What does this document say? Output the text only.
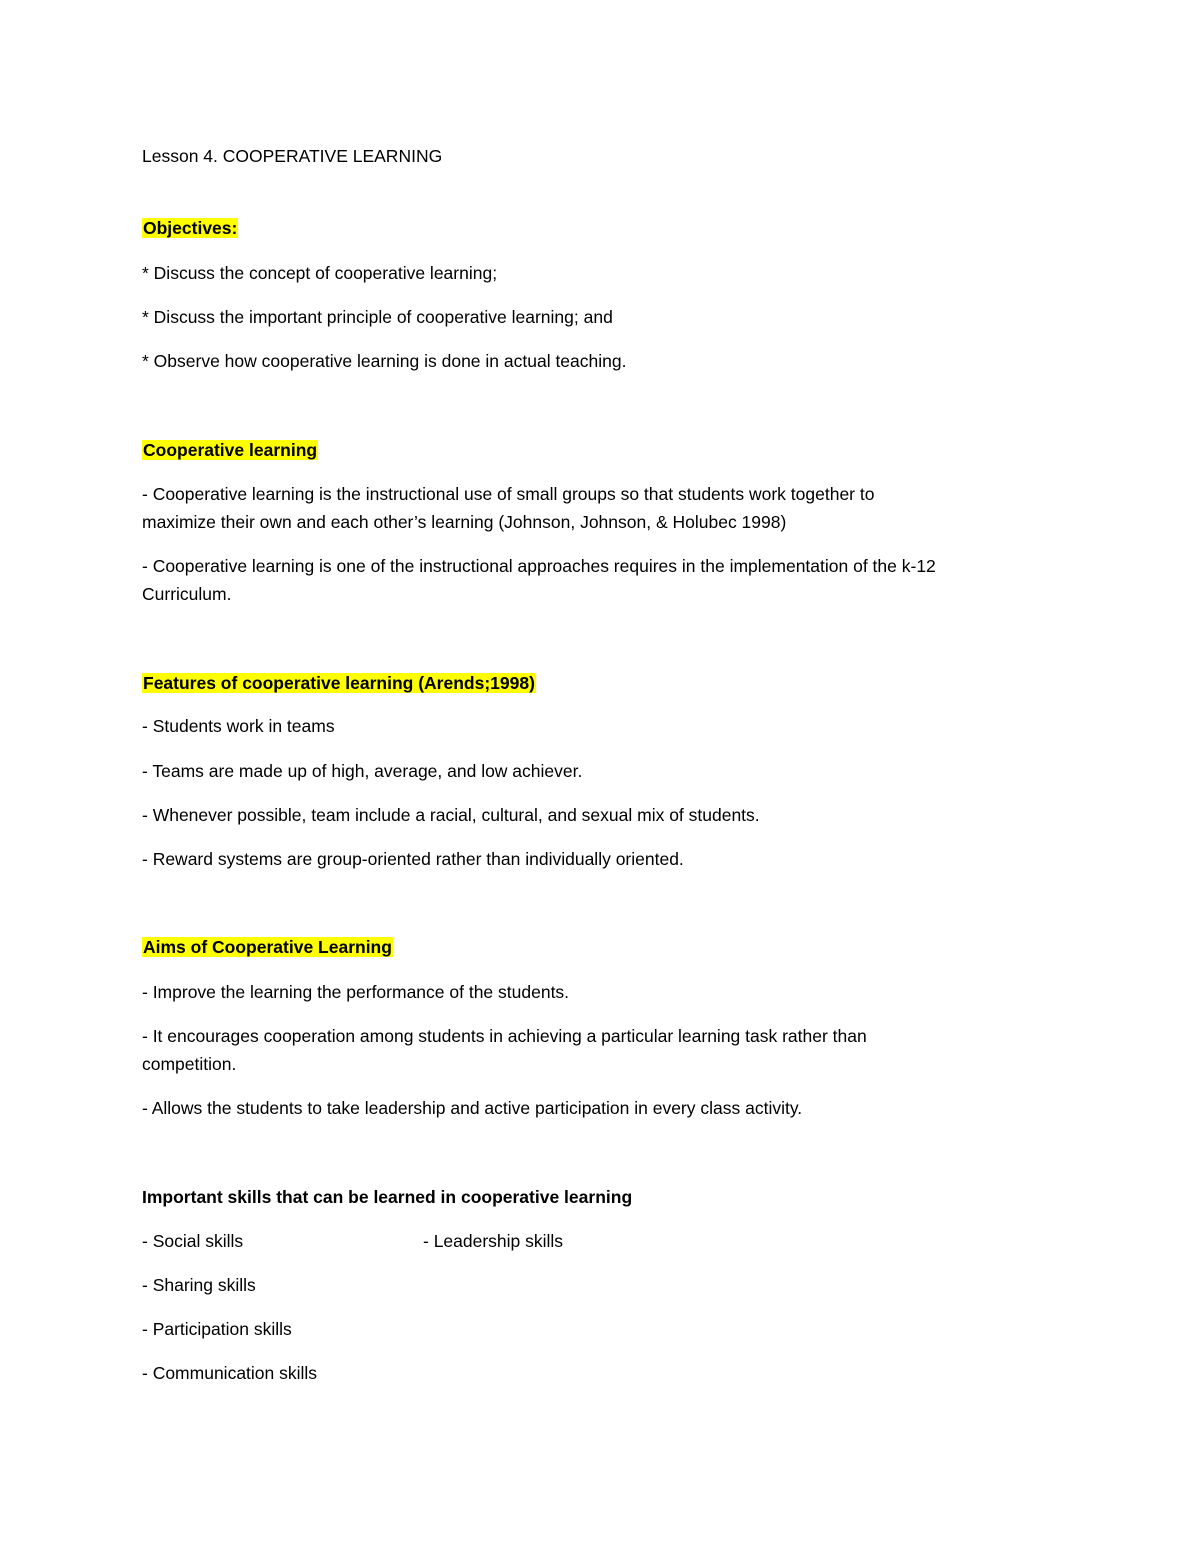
Lesson 4. COOPERATIVE LEARNING
Objectives:
* Discuss the concept of cooperative learning;
* Discuss the important principle of cooperative learning; and
* Observe how cooperative learning is done in actual teaching.
Cooperative learning
- Cooperative learning is the instructional use of small groups so that students work together to
maximize their own and each other’s learning (Johnson, Johnson, & Holubec 1998)
- Cooperative learning is one of the instructional approaches requires in the implementation of the k-12
Curriculum.
Features of cooperative learning (Arends;1998)
- Students work in teams
- Teams are made up of high, average, and low achiever.
- Whenever possible, team include a racial, cultural, and sexual mix of students.
- Reward systems are group-oriented rather than individually oriented.
Aims of Cooperative Learning
- Improve the learning the performance of the students.
- It encourages cooperation among students in achieving a particular learning task rather than
competition.
- Allows the students to take leadership and active participation in every class activity.
Important skills that can be learned in cooperative learning
- Social skills	- Leadership skills
- Sharing skills
- Participation skills
- Communication skills
